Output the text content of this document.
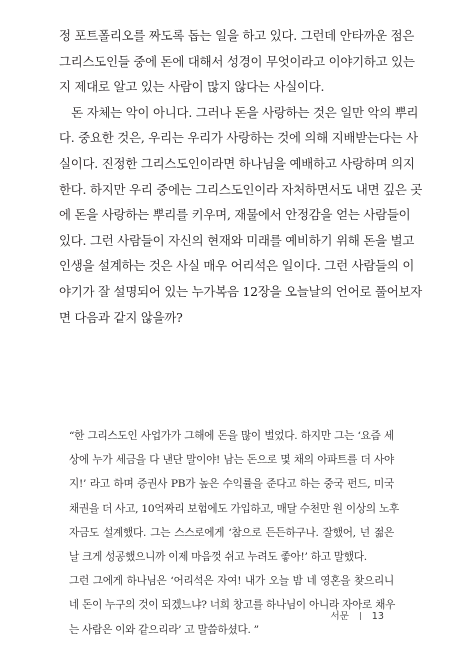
정 포트폴리오를 짜도록 돕는 일을 하고 있다. 그런데 안타까운 점은
그리스도인들 중에 돈에 대해서 성경이 무엇이라고 이야기하고 있는
지 제대로 알고 있는 사람이 많지 않다는 사실이다.
　돈 자체는 악이 아니다. 그러나 돈을 사랑하는 것은 일만 악의 뿌리
다. 중요한 것은, 우리는 우리가 사랑하는 것에 의해 지배받는다는 사
실이다. 진정한 그리스도인이라면 하나님을 예배하고 사랑하며 의지
한다. 하지만 우리 중에는 그리스도인이라 자처하면서도 내면 깊은 곳
에 돈을 사랑하는 뿌리를 키우며, 재물에서 안정감을 얻는 사람들이
있다. 그런 사람들이 자신의 현재와 미래를 예비하기 위해 돈을 벌고
인생을 설계하는 것은 사실 매우 어리석은 일이다. 그런 사람들의 이
야기가 잘 설명되어 있는 누가복음 12장을 오늘날의 언어로 풀어보자
면 다음과 같지 않을까?
“한 그리스도인 사업가가 그해에 돈을 많이 벌었다. 하지만 그는 ‘요즘 세
상에 누가 세금을 다 낸단 말이야! 남는 돈으로 몇 채의 아파트를 더 사야
지!’ 라고 하며 증권사 PB가 높은 수익률을 준다고 하는 중국 펀드, 미국
채권을 더 사고, 10억짜리 보험에도 가입하고, 매달 수천만 원 이상의 노후
자금도 설계했다. 그는 스스로에게 ‘참으로 든든하구나. 잘했어, 넌 젊은
날 크게 성공했으니까 이제 마음껏 쉬고 누려도 좋아!’ 하고 말했다.
그런 그에게 하나님은 ‘어리석은 자여! 내가 오늘 밤 네 영혼을 찾으리니
네 돈이 누구의 것이 되겠느냐? 너희 창고를 하나님이 아니라 자아로 채우
는 사람은 이와 같으리라’ 고 말씀하셨다. ”
서문 | 13
